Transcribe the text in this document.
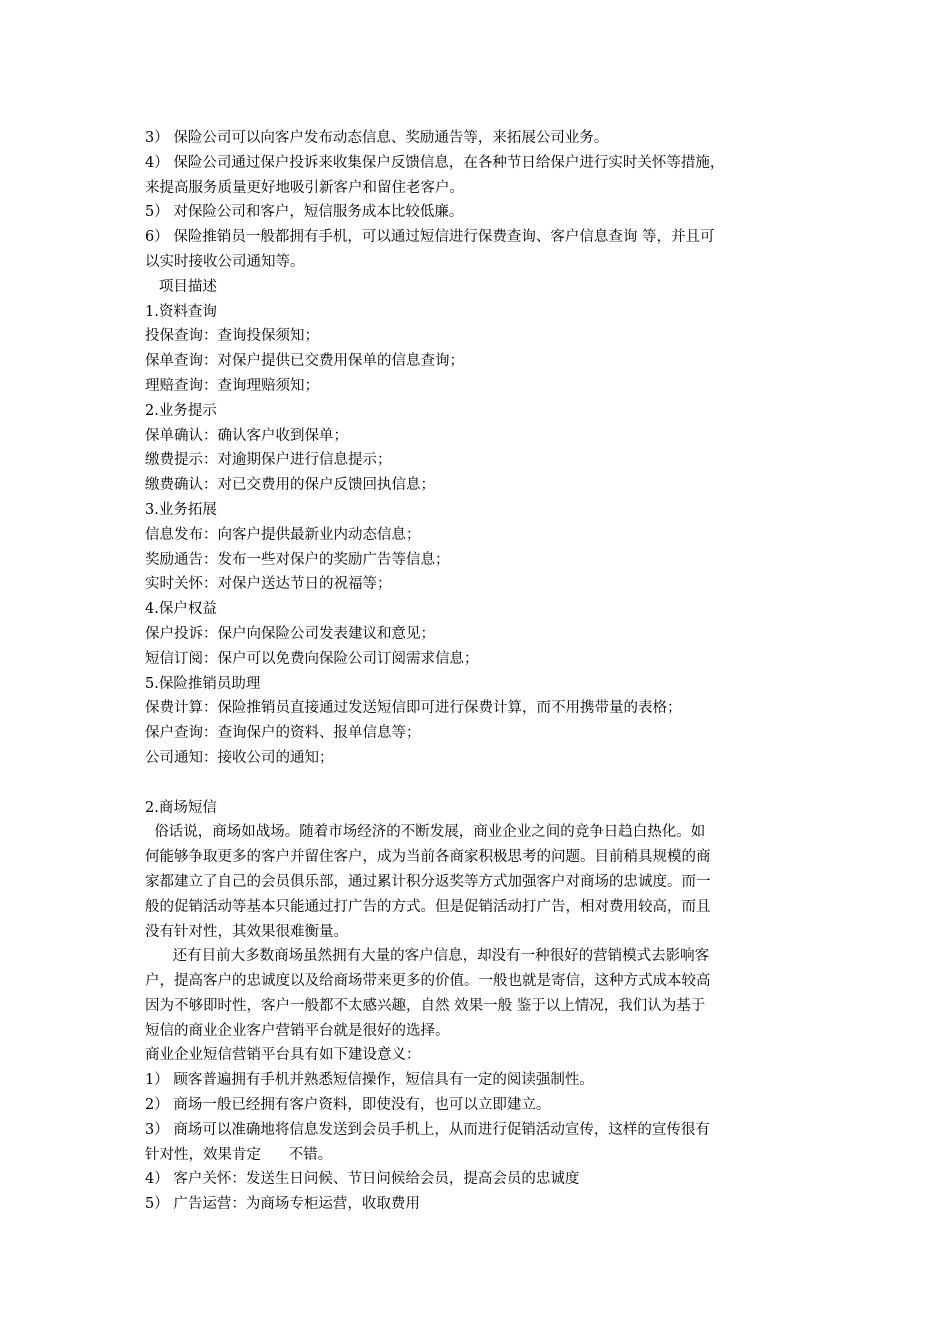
3） 保险公司可以向客户发布动态信息、奖励通告等，来拓展公司业务。
4） 保险公司通过保户投诉来收集保户反馈信息，在各种节日给保户进行实时关怀等措施，
来提高服务质量更好地吸引新客户和留住老客户。
5） 对保险公司和客户，短信服务成本比较低廉。
6） 保险推销员一般都拥有手机，可以通过短信进行保费查询、客户信息查询 等，并且可
以实时接收公司通知等。
项目描述
1.资料查询
投保查询：查询投保须知；
保单查询：对保户提供已交费用保单的信息查询；
理赔查询：查询理赔须知；
2.业务提示
保单确认：确认客户收到保单；
缴费提示：对逾期保户进行信息提示；
缴费确认：对已交费用的保户反馈回执信息；
3.业务拓展
信息发布：向客户提供最新业内动态信息；
奖励通告：发布一些对保户的奖励广告等信息；
实时关怀：对保户送达节日的祝福等；
4.保户权益
保户投诉：保户向保险公司发表建议和意见；
短信订阅：保户可以免费向保险公司订阅需求信息；
5.保险推销员助理
保费计算：保险推销员直接通过发送短信即可进行保费计算，而不用携带量的表格；
保户查询：查询保户的资料、报单信息等；
公司通知：接收公司的通知；
2.商场短信
俗话说，商场如战场。随着市场经济的不断发展，商业企业之间的竞争日趋白热化。如
何能够争取更多的客户并留住客户，成为当前各商家积极思考的问题。目前稍具规模的商
家都建立了自己的会员俱乐部，通过累计积分返奖等方式加强客户对商场的忠诚度。而一
般的促销活动等基本只能通过打广告的方式。但是促销活动打广告，相对费用较高，而且
没有针对性，其效果很难衡量。
还有目前大多数商场虽然拥有大量的客户信息，却没有一种很好的营销模式去影响客
户，提高客户的忠诚度以及给商场带来更多的价值。一般也就是寄信，这种方式成本较高
因为不够即时性，客户一般都不太感兴趣，自然 效果一般 鉴于以上情况，我们认为基于
短信的商业企业客户营销平台就是很好的选择。
商业企业短信营销平台具有如下建设意义：
1） 顾客普遍拥有手机并熟悉短信操作，短信具有一定的阅读强制性。
2） 商场一般已经拥有客户资料，即使没有，也可以立即建立。
3） 商场可以准确地将信息发送到会员手机上，从而进行促销活动宣传，这样的宣传很有
针对性，效果肯定      不错。
4） 客户关怀：发送生日问候、节日问候给会员，提高会员的忠诚度
5） 广告运营：为商场专柜运营，收取费用
